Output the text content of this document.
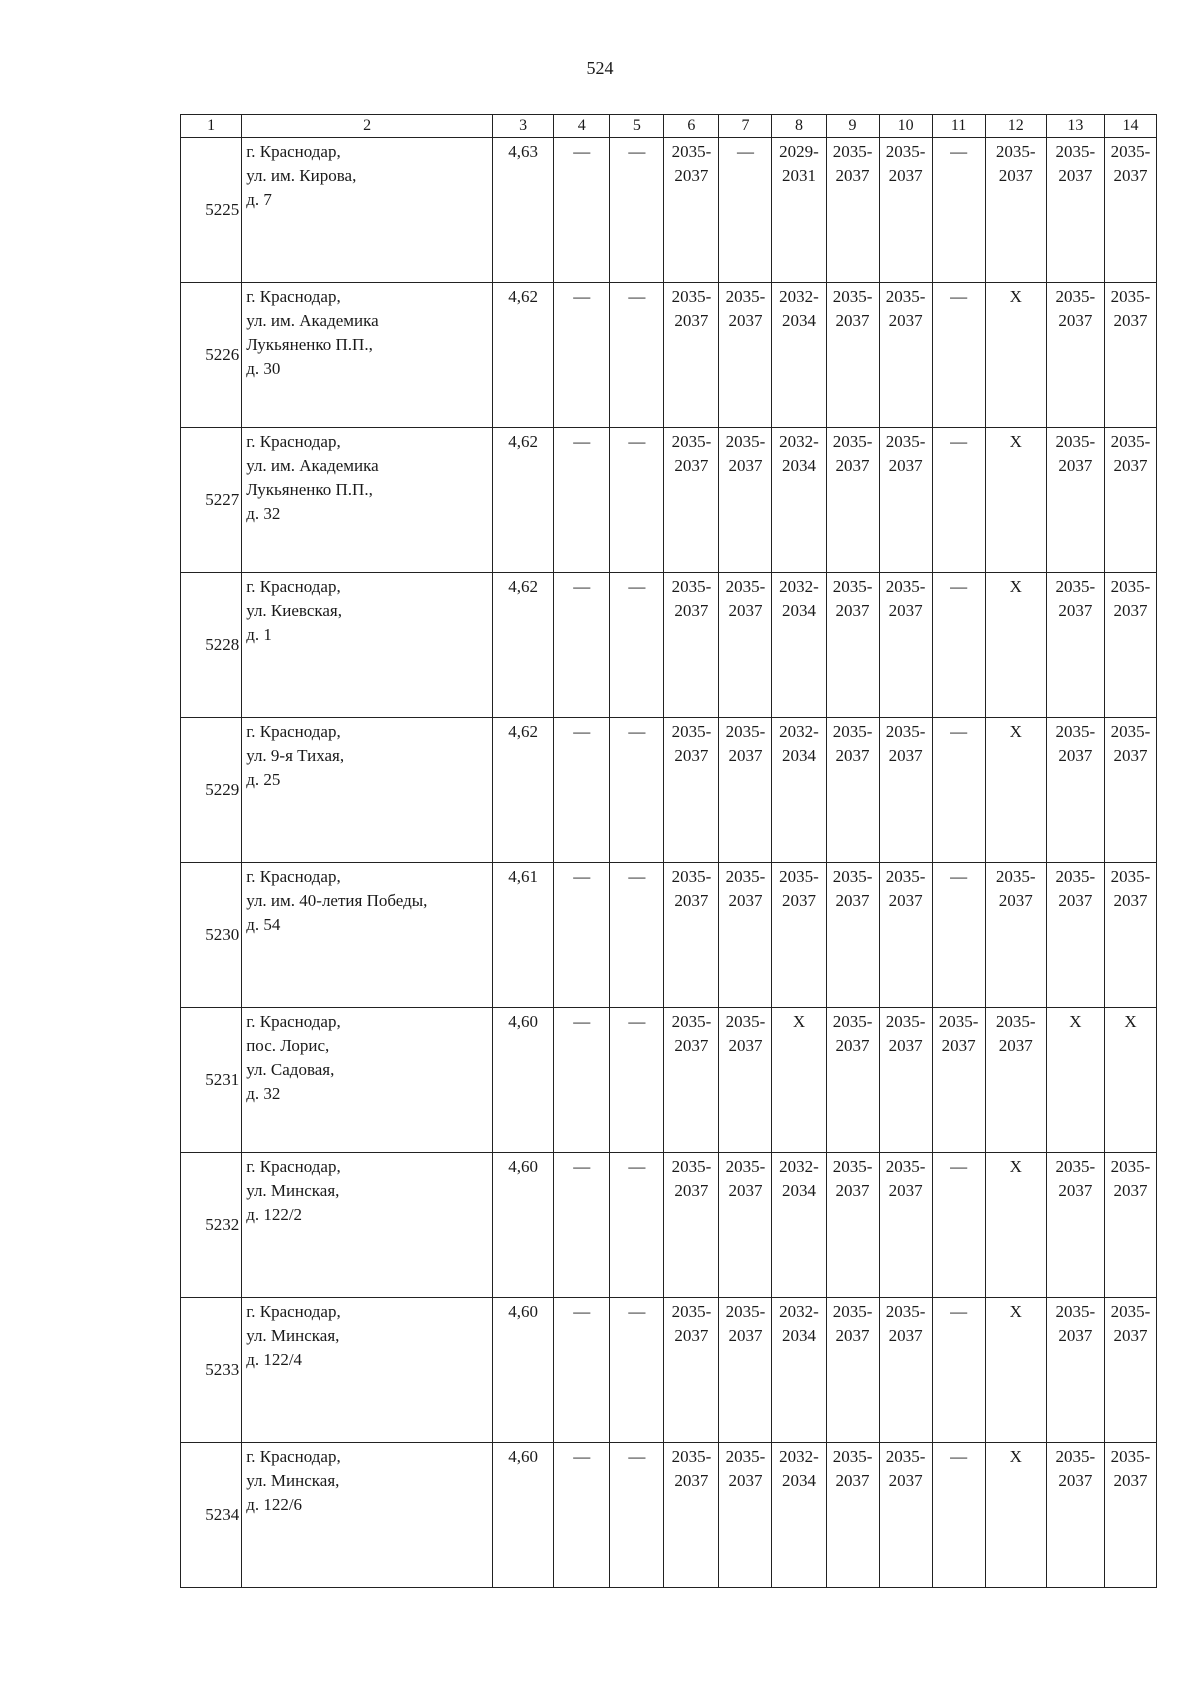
524
1	2	3	4	5	6	7	8	9	10	11	12	13	14
5225	г. Краснодар,
ул. им. Кирова,
д. 7	4,63	—	—	2035-
2037	—	2029-
2031	2035-
2037	2035-
2037	—	2035-
2037	2035-
2037	2035-
2037

5226	г. Краснодар,
ул. им. Академика
Лукьяненко П.П.,
д. 30	4,62	—	—	2035-
2037	2035-
2037	2032-
2034	2035-
2037	2035-
2037	—	X	2035-
2037	2035-
2037

5227	г. Краснодар,
ул. им. Академика
Лукьяненко П.П.,
д. 32	4,62	—	—	2035-
2037	2035-
2037	2032-
2034	2035-
2037	2035-
2037	—	X	2035-
2037	2035-
2037

5228	г. Краснодар,
ул. Киевская,
д. 1	4,62	—	—	2035-
2037	2035-
2037	2032-
2034	2035-
2037	2035-
2037	—	X	2035-
2037	2035-
2037

5229	г. Краснодар,
ул. 9-я Тихая,
д. 25	4,62	—	—	2035-
2037	2035-
2037	2032-
2034	2035-
2037	2035-
2037	—	X	2035-
2037	2035-
2037

5230	г. Краснодар,
ул. им. 40-летия Победы,
д. 54	4,61	—	—	2035-
2037	2035-
2037	2035-
2037	2035-
2037	2035-
2037	—	2035-
2037	2035-
2037	2035-
2037

5231	г. Краснодар,
пос. Лорис,
ул. Садовая,
д. 32	4,60	—	—	2035-
2037	2035-
2037	X	2035-
2037	2035-
2037	2035-
2037	2035-
2037	X	X

5232	г. Краснодар,
ул. Минская,
д. 122/2	4,60	—	—	2035-
2037	2035-
2037	2032-
2034	2035-
2037	2035-
2037	—	X	2035-
2037	2035-
2037

5233	г. Краснодар,
ул. Минская,
д. 122/4	4,60	—	—	2035-
2037	2035-
2037	2032-
2034	2035-
2037	2035-
2037	—	X	2035-
2037	2035-
2037

5234	г. Краснодар,
ул. Минская,
д. 122/6	4,60	—	—	2035-
2037	2035-
2037	2032-
2034	2035-
2037	2035-
2037	—	X	2035-
2037	2035-
2037
